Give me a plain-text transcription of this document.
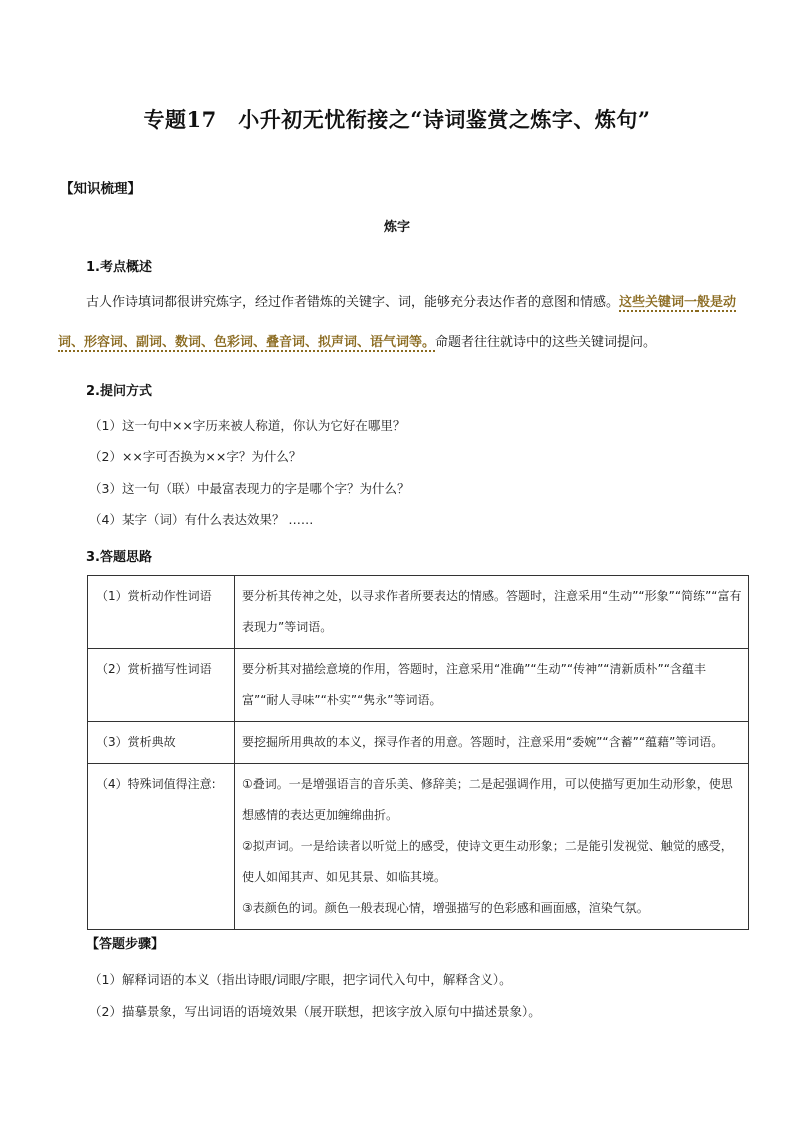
专题17　小升初无忧衔接之“诗词鉴赏之炼字、炼句”
【知识梳理】
炼字
1.考点概述
古人作诗填词都很讲究炼字，经过作者错炼的关键字、词，能够充分表达作者的意图和情感。这些关键词一般是动词、形容词、副词、数词、色彩词、叠音词、拟声词、语气词等。命题者往往就诗中的这些关键词提问。
2.提问方式
（1）这一句中××字历来被人称道，你认为它好在哪里？
（2）××字可否换为××字？为什么？
（3）这一句（联）中最富表现力的字是哪个字？为什么？
（4）某字（词）有什么表达效果？ ……
3.答题思路
（1）赏析动作性词语	要分析其传神之处，以寻求作者所要表达的情感。答题时，注意采用“生动”“形象”“简练”“富有表现力”等词语。
（2）赏析描写性词语	要分析其对描绘意境的作用，答题时，注意采用“准确”“生动”“传神”“清新质朴”“含蕴丰富”“耐人寻味”“朴实”“隽永”等词语。
（3）赏析典故	要挖掘所用典故的本义，探寻作者的用意。答题时，注意采用“委婉”“含蓄”“蕴藉”等词语。
（4）特殊词值得注意:	①叠词。一是增强语言的音乐美、修辞美；二是起强调作用，可以使描写更加生动形象，使思想感情的表达更加缠绵曲折。
②拟声词。一是给读者以听觉上的感受，使诗文更生动形象；二是能引发视觉、触觉的感受，使人如闻其声、如见其景、如临其境。
③表颜色的词。颜色一般表现心情，增强描写的色彩感和画面感，渲染气氛。
【答题步骤】
（1）解释词语的本义（指出诗眼/词眼/字眼，把字词代入句中，解释含义）。
（2）描摹景象，写出词语的语境效果（展开联想，把该字放入原句中描述景象）。
